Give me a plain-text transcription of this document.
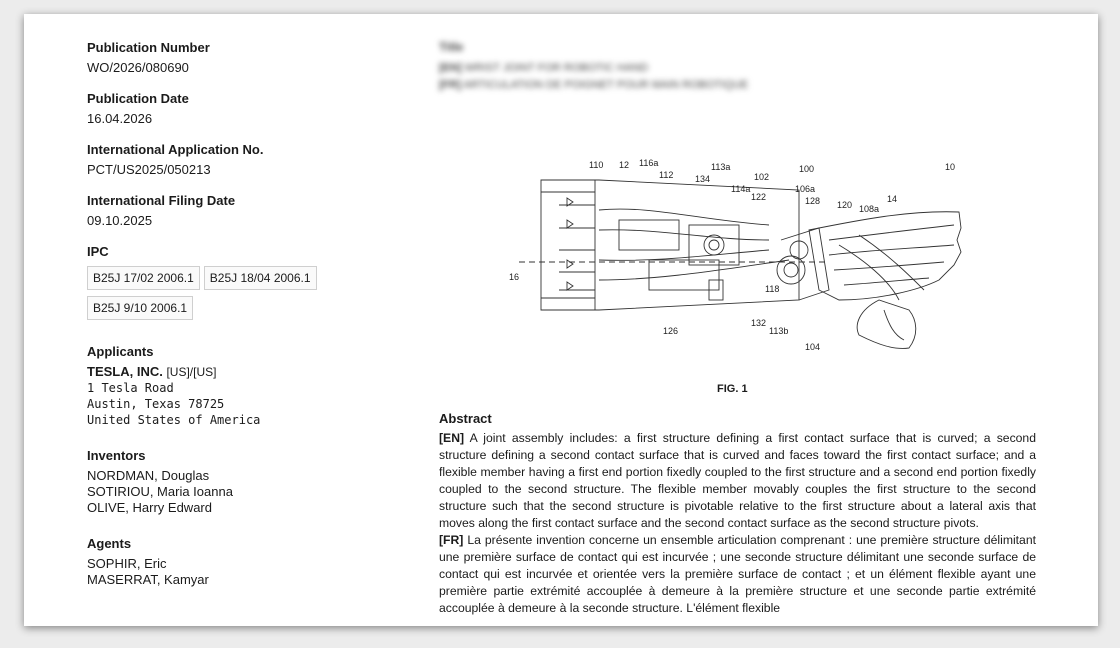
Publication Number
WO/2026/080690
Publication Date
16.04.2026
International Application No.
PCT/US2025/050213
International Filing Date
09.10.2025
IPC
B25J 17/02 2006.1	B25J 18/04 2006.1
B25J 9/10 2006.1
Applicants
TESLA, INC. [US]/[US]
1 Tesla Road
Austin, Texas 78725
United States of America
Inventors
NORDMAN, Douglas
SOTIRIOU, Maria Ioanna
OLIVE, Harry Edward
Agents
SOPHIR, Eric
MASERRAT, Kamyar
Title
[EN] WRIST JOINT FOR ROBOTIC HAND
[FR] ARTICULATION DE POIGNET POUR MAIN ROBOTIQUE
110 12 116a
112
113a
134
114a
102
100
106a
122	128 120 108a
14
10
16
118
132
113b
126
104
FIG. 1
Abstract
[EN] A joint assembly includes: a first structure defining a first contact surface that is curved; a second structure defining a second contact surface that is curved and faces toward the first contact surface; and a flexible member having a first end portion fixedly coupled to the first structure and a second end portion fixedly coupled to the second structure. The flexible member movably couples the first structure to the second structure such that the second structure is pivotable relative to the first structure about a lateral axis that moves along the first contact surface and the second contact surface as the second structure pivots.
[FR] La présente invention concerne un ensemble articulation comprenant : une première structure délimitant une première surface de contact qui est incurvée ; une seconde structure délimitant une seconde surface de contact qui est incurvée et orientée vers la première surface de contact ; et un élément flexible ayant une première partie extrémité accouplée à demeure à la première structure et une seconde partie extrémité accouplée à demeure à la seconde structure. L'élément flexible
